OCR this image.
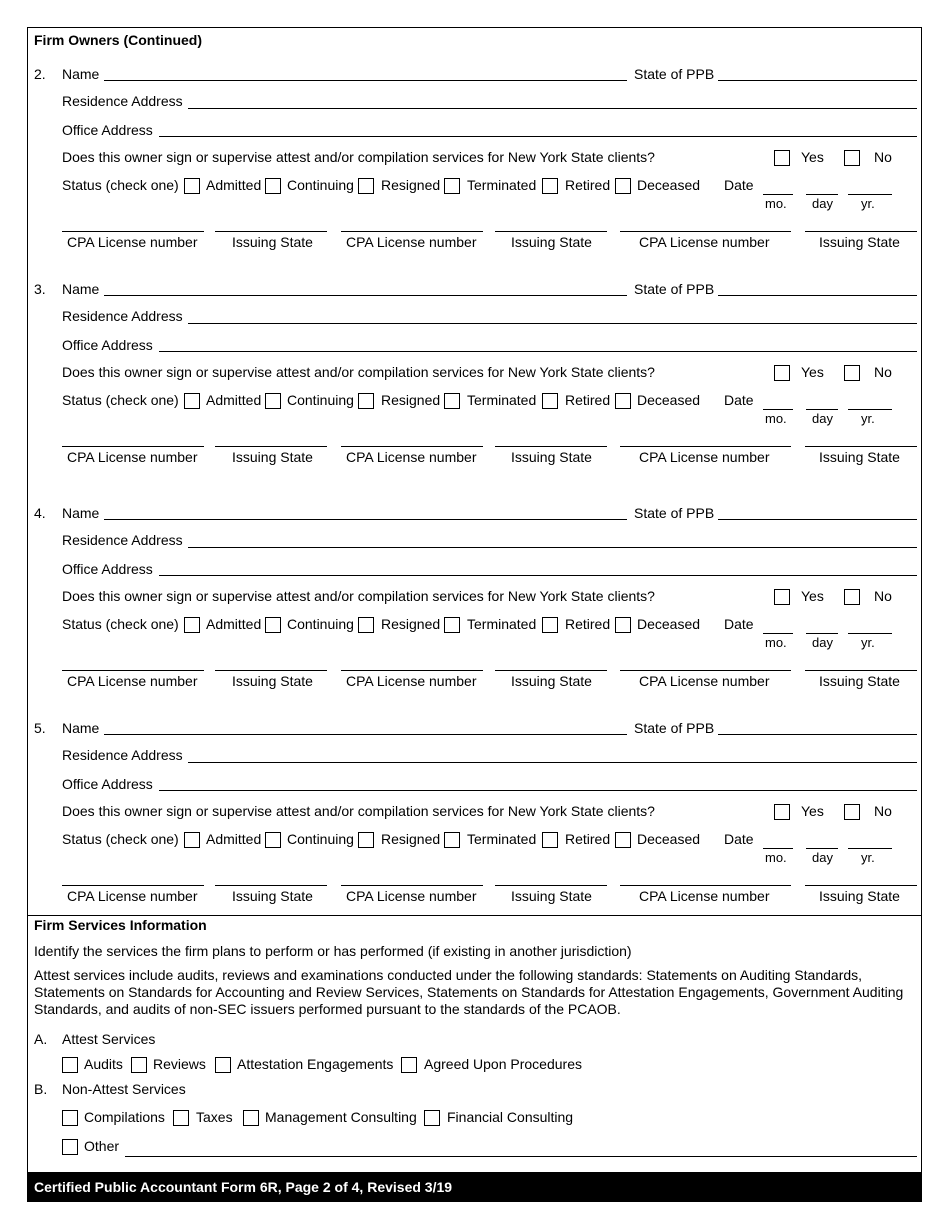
Firm Owners (Continued)
2. Name	State of PPB
Residence Address
Office Address
Does this owner sign or supervise attest and/or compilation services for New York State clients?	Yes	No
Status (check one) Admitted Continuing Resigned Terminated Retired Deceased Date
mo. day yr.
CPA License number Issuing State CPA License number Issuing State	CPA License number	Issuing State
3. Name	State of PPB
Residence Address
Office Address
Does this owner sign or supervise attest and/or compilation services for New York State clients?	Yes	No
Status (check one) Admitted Continuing Resigned Terminated Retired Deceased Date
mo. day yr.
CPA License number Issuing State CPA License number Issuing State	CPA License number	Issuing State
4. Name	State of PPB
Residence Address
Office Address
Does this owner sign or supervise attest and/or compilation services for New York State clients?	Yes	No
Status (check one) Admitted Continuing Resigned Terminated Retired Deceased Date
mo. day yr.
CPA License number Issuing State CPA License number Issuing State	CPA License number	Issuing State
5. Name	State of PPB
Residence Address
Office Address
Does this owner sign or supervise attest and/or compilation services for New York State clients?	Yes	No
Status (check one) Admitted Continuing Resigned Terminated Retired Deceased Date
mo. day yr.
CPA License number Issuing State CPA License number Issuing State	CPA License number	Issuing State
Firm Services Information
Identify the services the firm plans to perform or has performed (if existing in another jurisdiction)
Attest services include audits, reviews and examinations conducted under the following standards: Statements on Auditing Standards, Statements on Standards for Accounting and Review Services, Statements on Standards for Attestation Engagements, Government Auditing Standards, and audits of non-SEC issuers performed pursuant to the standards of the PCAOB.
A. Attest Services
Audits Reviews Attestation Engagements Agreed Upon Procedures
B. Non-Attest Services
Compilations Taxes Management Consulting Financial Consulting
Other
Certified Public Accountant Form 6R, Page 2 of 4, Revised 3/19
